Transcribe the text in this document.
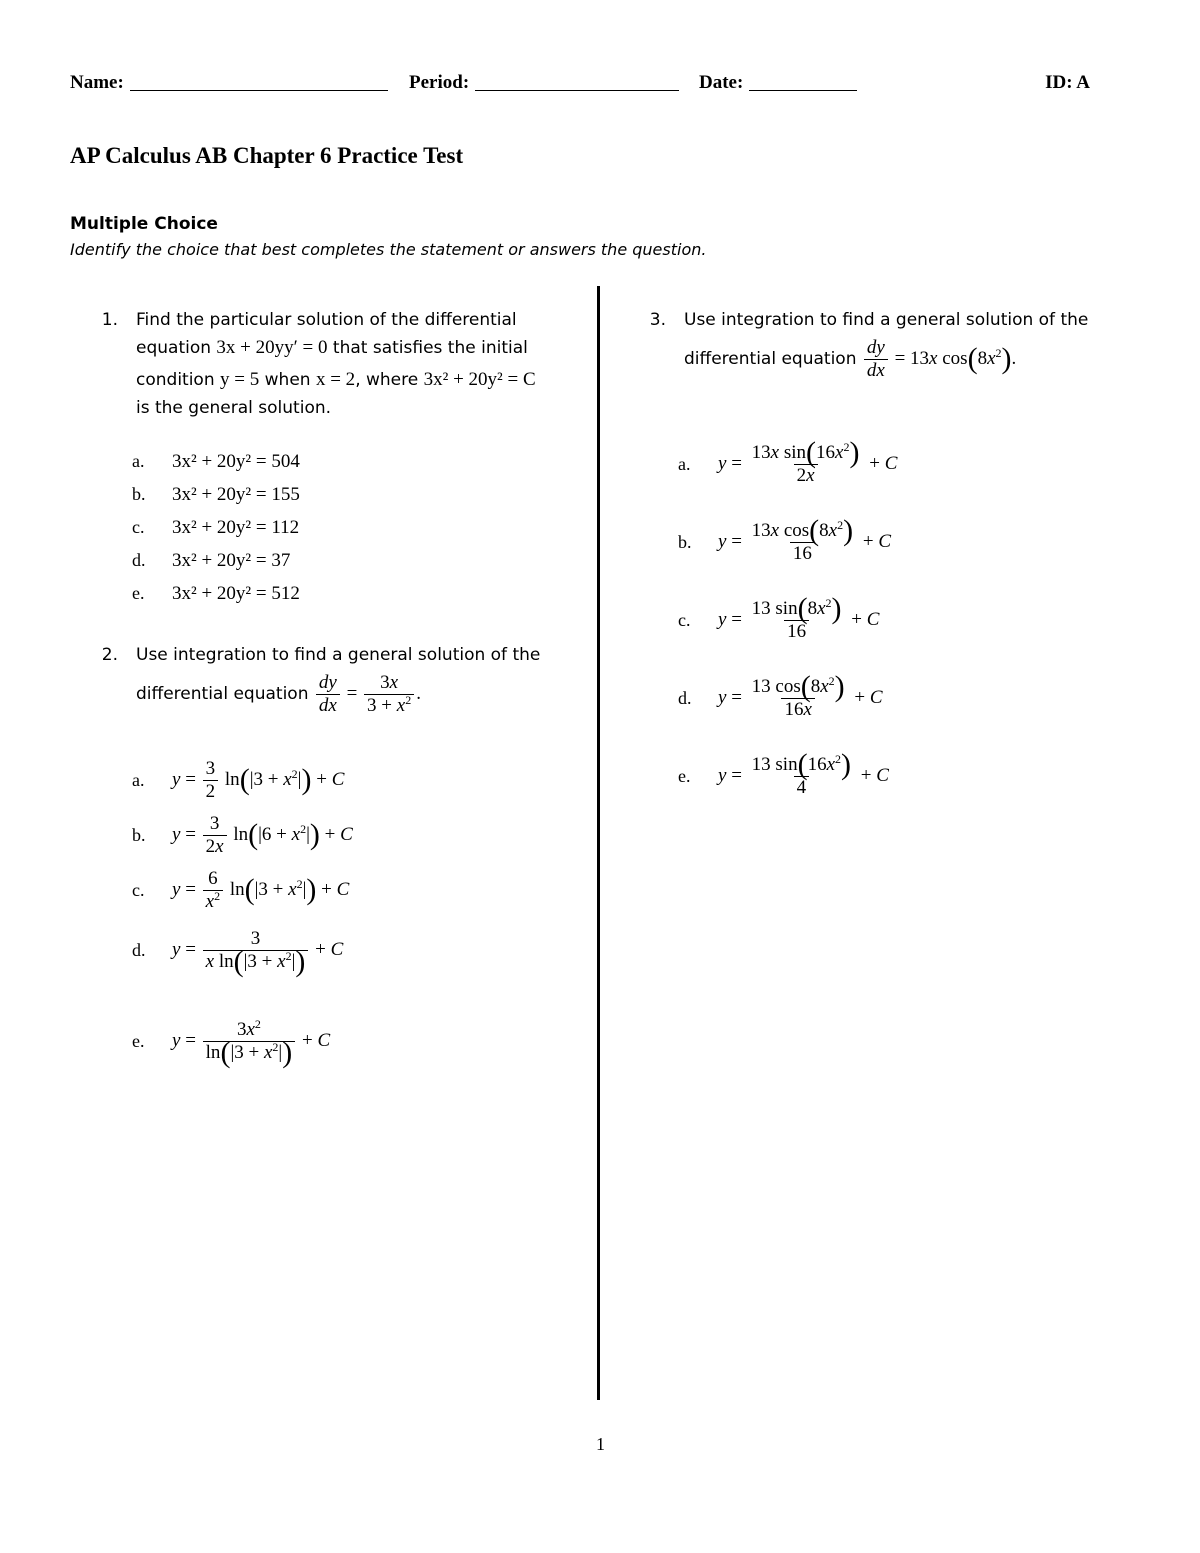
Name:	Period:	Date:	ID: A
AP Calculus AB Chapter 6 Practice Test
Multiple Choice
Identify the choice that best completes the statement or answers the question.
1. Find the particular solution of the differential
equation 3x + 20yy′ = 0 that satisfies the initial
condition y = 5 when x = 2, where 3x² + 20y² = C
is the general solution.
a. 3x² + 20y² = 504
b. 3x² + 20y² = 155
c. 3x² + 20y² = 112
d. 3x² + 20y² = 37
e. 3x² + 20y² = 512
2. Use integration to find a general solution of the
differential equation $\frac{dy}{dx} = \frac{3x}{3 + x^2}$ .
a. $y = \frac{3}{2} \ln(|3 + x^2|) + C$
b. $y = \frac{3}{2x} \ln(|6 + x^2|) + C$
c. $y = \frac{6}{x^2} \ln(|3 + x^2|) + C$
d. $y = \frac{3}{x \ln(|3 + x^2|)} + C$
e. $y = \frac{3x^2}{\ln(|3 + x^2|)} + C$
3. Use integration to find a general solution of the
differential equation $\frac{dy}{dx} = 13x$ $\cos(8x^2)$.
a. $y = \frac{13x \sin(16x^2)}{2x} + C$
b. $y = \frac{13x \cos(8x^2)}{16} + C$
c. $y = \frac{13 \sin(8x^2)}{16} + C$
d. $y = \frac{13 \cos(8x^2)}{16x} + C$
e. $y = \frac{13 \sin(16x^2)}{4} + C$
1
